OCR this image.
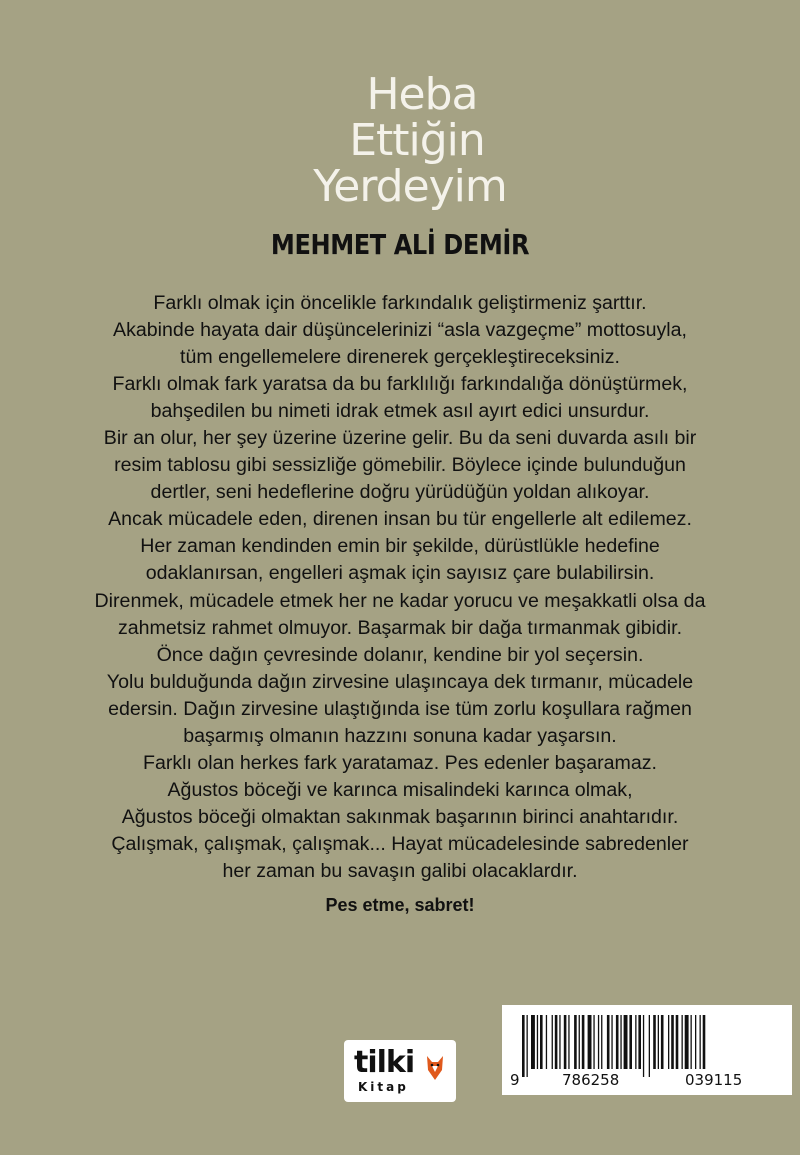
Heba
Ettiğin
Yerdeyim
MEHMET ALİ DEMİR
Farklı olmak için öncelikle farkındalık geliştirmeniz şarttır.
Akabinde hayata dair düşüncelerinizi “asla vazgeçme” mottosuyla,
tüm engellemelere direnerek gerçekleştireceksiniz.
Farklı olmak fark yaratsa da bu farklılığı farkındalığa dönüştürmek,
bahşedilen bu nimeti idrak etmek asıl ayırt edici unsurdur.
Bir an olur, her şey üzerine üzerine gelir. Bu da seni duvarda asılı bir
resim tablosu gibi sessizliğe gömebilir. Böylece içinde bulunduğun
dertler, seni hedeflerine doğru yürüdüğün yoldan alıkoyar.
Ancak mücadele eden, direnen insan bu tür engellerle alt edilemez.
Her zaman kendinden emin bir şekilde, dürüstlükle hedefine
odaklanırsan, engelleri aşmak için sayısız çare bulabilirsin.
Direnmek, mücadele etmek her ne kadar yorucu ve meşakkatli olsa da
zahmetsiz rahmet olmuyor. Başarmak bir dağa tırmanmak gibidir.
Önce dağın çevresinde dolanır, kendine bir yol seçersin.
Yolu bulduğunda dağın zirvesine ulaşıncaya dek tırmanır, mücadele
edersin. Dağın zirvesine ulaştığında ise tüm zorlu koşullara rağmen
başarmış olmanın hazzını sonuna kadar yaşarsın.
Farklı olan herkes fark yaratamaz. Pes edenler başaramaz.
Ağustos böceği ve karınca misalindeki karınca olmak,
Ağustos böceği olmaktan sakınmak başarının birinci anahtarıdır.
Çalışmak, çalışmak, çalışmak... Hayat mücadelesinde sabredenler
her zaman bu savaşın galibi olacaklardır.
Pes etme, sabret!
tilki
Kitap	9	786258	039115
